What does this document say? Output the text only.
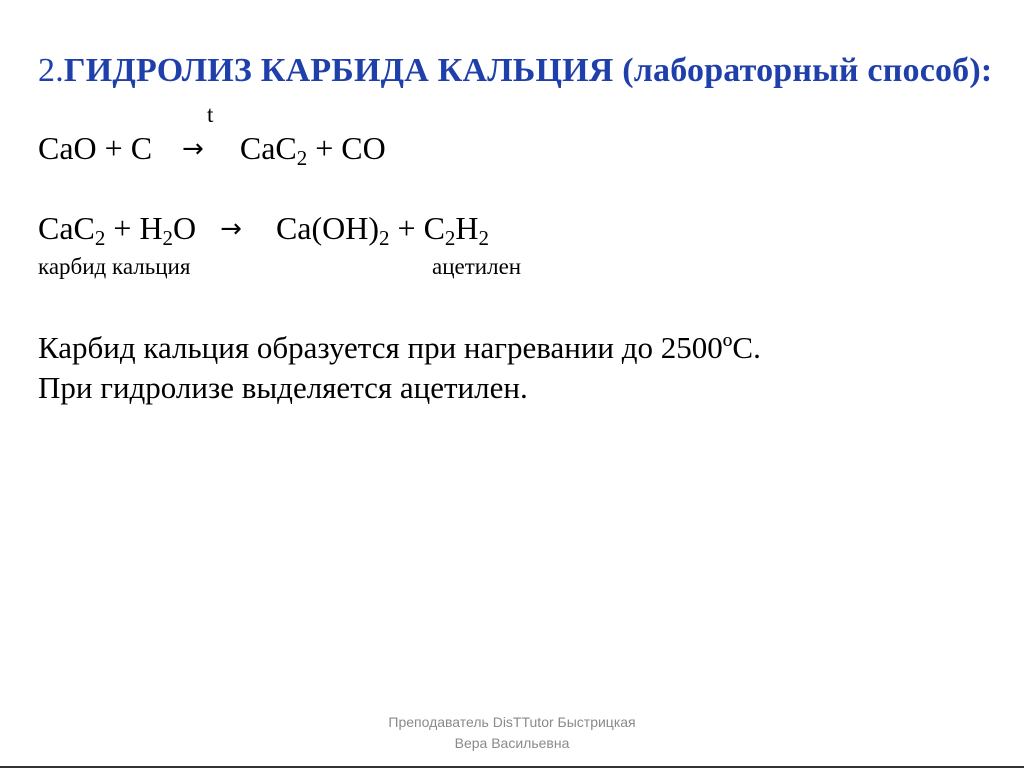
2.ГИДРОЛИЗ КАРБИДА КАЛЬЦИЯ (лабораторный способ):
t
CaO + C → CaC$_2$ + CO
$CaC_2 + H_2O \to Ca(OH)_2 + C_2H_2$
карбид кальция	ацетилен
Карбид кальция образуется при нагревании до 2500ºC.
При гидролизе выделяется ацетилен.
Преподаватель DisTTutor Быстрицкая
Вера Васильевна
